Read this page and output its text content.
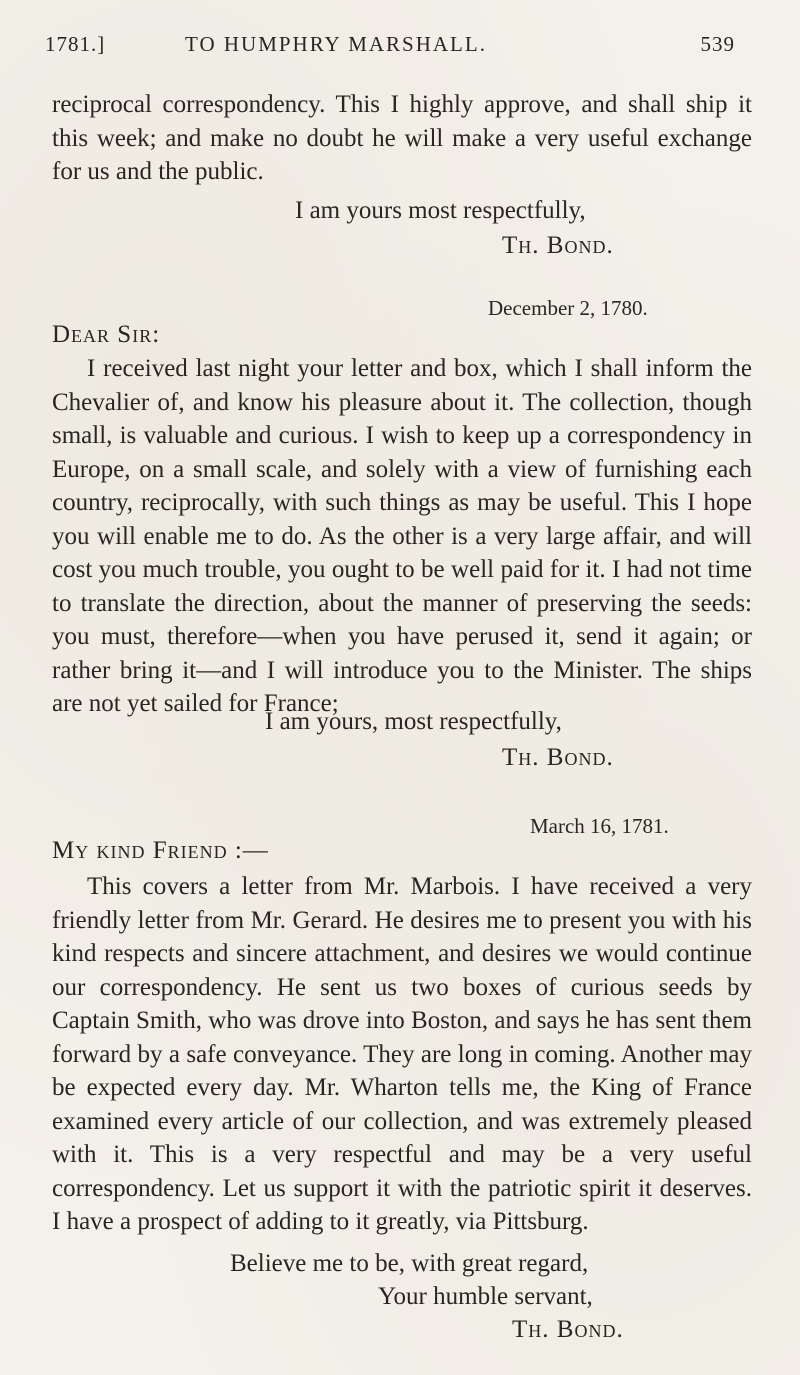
1781.]	TO HUMPHRY MARSHALL.	539
reciprocal correspondency. This I highly approve, and shall ship it this week; and make no doubt he will make a very useful exchange for us and the public.
I am yours most respectfully,
Th. Bond.
December 2, 1780.
Dear Sir:
I received last night your letter and box, which I shall inform the Chevalier of, and know his pleasure about it. The collection, though small, is valuable and curious. I wish to keep up a correspondency in Europe, on a small scale, and solely with a view of furnishing each country, reciprocally, with such things as may be useful. This I hope you will enable me to do. As the other is a very large affair, and will cost you much trouble, you ought to be well paid for it. I had not time to translate the direction, about the manner of preserving the seeds: you must, therefore—when you have perused it, send it again; or rather bring it—and I will introduce you to the Minister. The ships are not yet sailed for France;
I am yours, most respectfully,
Th. Bond.
March 16, 1781.
My kind Friend :—
This covers a letter from Mr. Marbois. I have received a very friendly letter from Mr. Gerard. He desires me to present you with his kind respects and sincere attachment, and desires we would continue our correspondency. He sent us two boxes of curious seeds by Captain Smith, who was drove into Boston, and says he has sent them forward by a safe conveyance. They are long in coming. Another may be expected every day. Mr. Wharton tells me, the King of France examined every article of our collection, and was extremely pleased with it. This is a very respectful and may be a very useful correspondency. Let us support it with the patriotic spirit it deserves. I have a prospect of adding to it greatly, via Pittsburg.
Believe me to be, with great regard,
Your humble servant,
Th. Bond.
